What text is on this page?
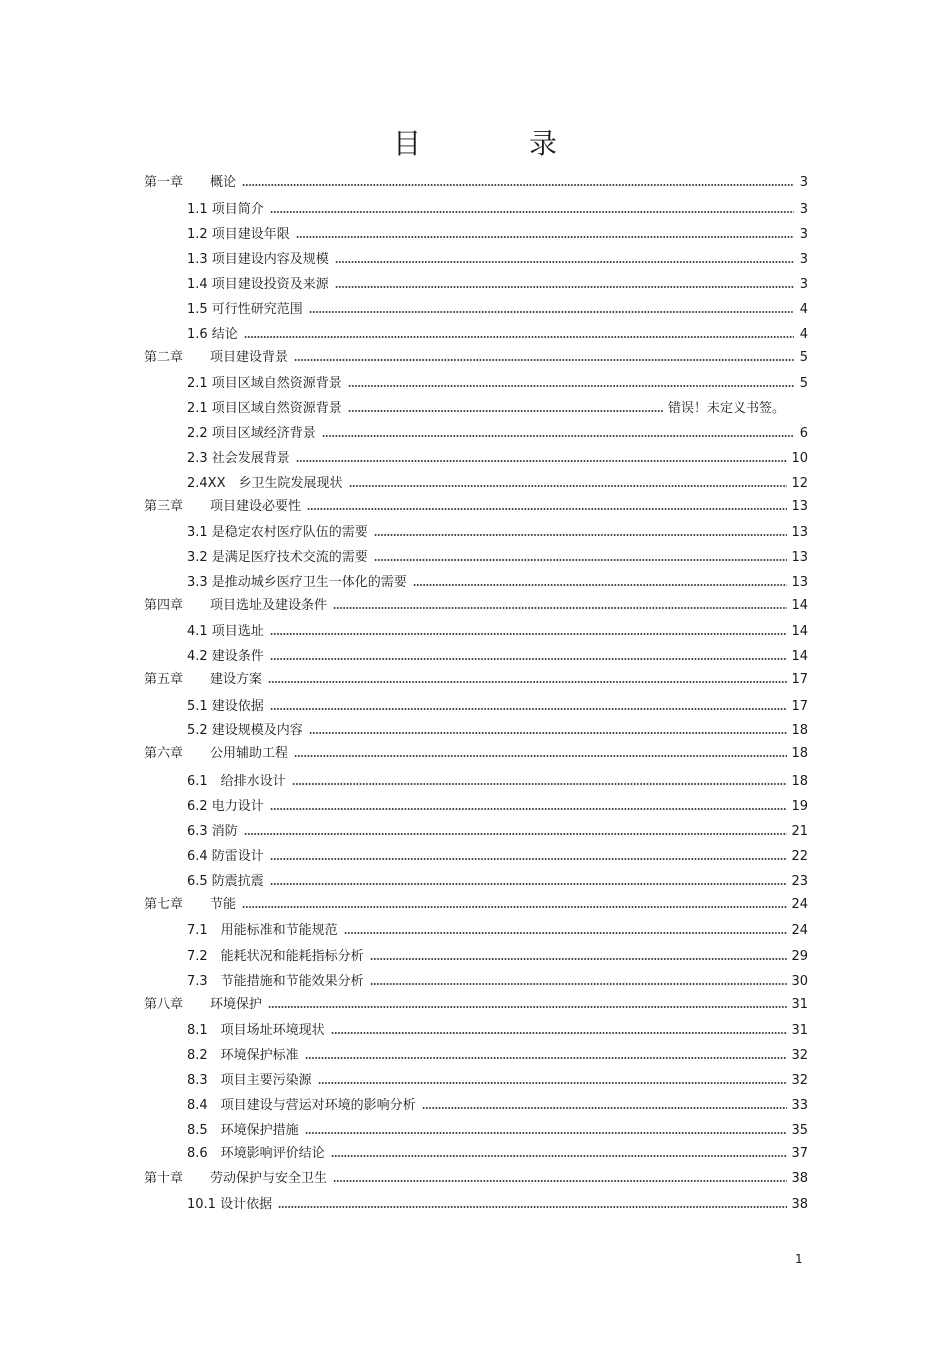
目　录
第一章 概论	3
1.1 项目简介	3
1.2 项目建设年限	3
1.3 项目建设内容及规模	3
1.4 项目建设投资及来源	3
1.5 可行性研究范围	4
1.6 结论	4
第二章 项目建设背景	5
2.1 项目区域自然资源背景	5
2.1 项目区域自然资源背景	错误！未定义书签。
2.2 项目区域经济背景	6
2.3 社会发展背景	10
2.4XX　乡卫生院发展现状	12
第三章 项目建设必要性	13
3.1 是稳定农村医疗队伍的需要	13
3.2 是满足医疗技术交流的需要	13
3.3 是推动城乡医疗卫生一体化的需要	13
第四章 项目选址及建设条件	14
4.1 项目选址	14
4.2 建设条件	14
第五章 建设方案	17
5.1 建设依据	17
5.2 建设规模及内容	18
第六章 公用辅助工程	18
6.1　给排水设计	18
6.2 电力设计	19
6.3 消防	21
6.4 防雷设计	22
6.5 防震抗震	23
第七章 节能	24
7.1　用能标准和节能规范	24
7.2　能耗状况和能耗指标分析	29
7.3　节能措施和节能效果分析	30
第八章 环境保护	31
8.1　项目场址环境现状	31
8.2　环境保护标准	32
8.3　项目主要污染源	32
8.4　项目建设与营运对环境的影响分析	33
8.5　环境保护措施	35
8.6　环境影响评价结论	37
第十章 劳动保护与安全卫生	38
10.1 设计依据	38
1
